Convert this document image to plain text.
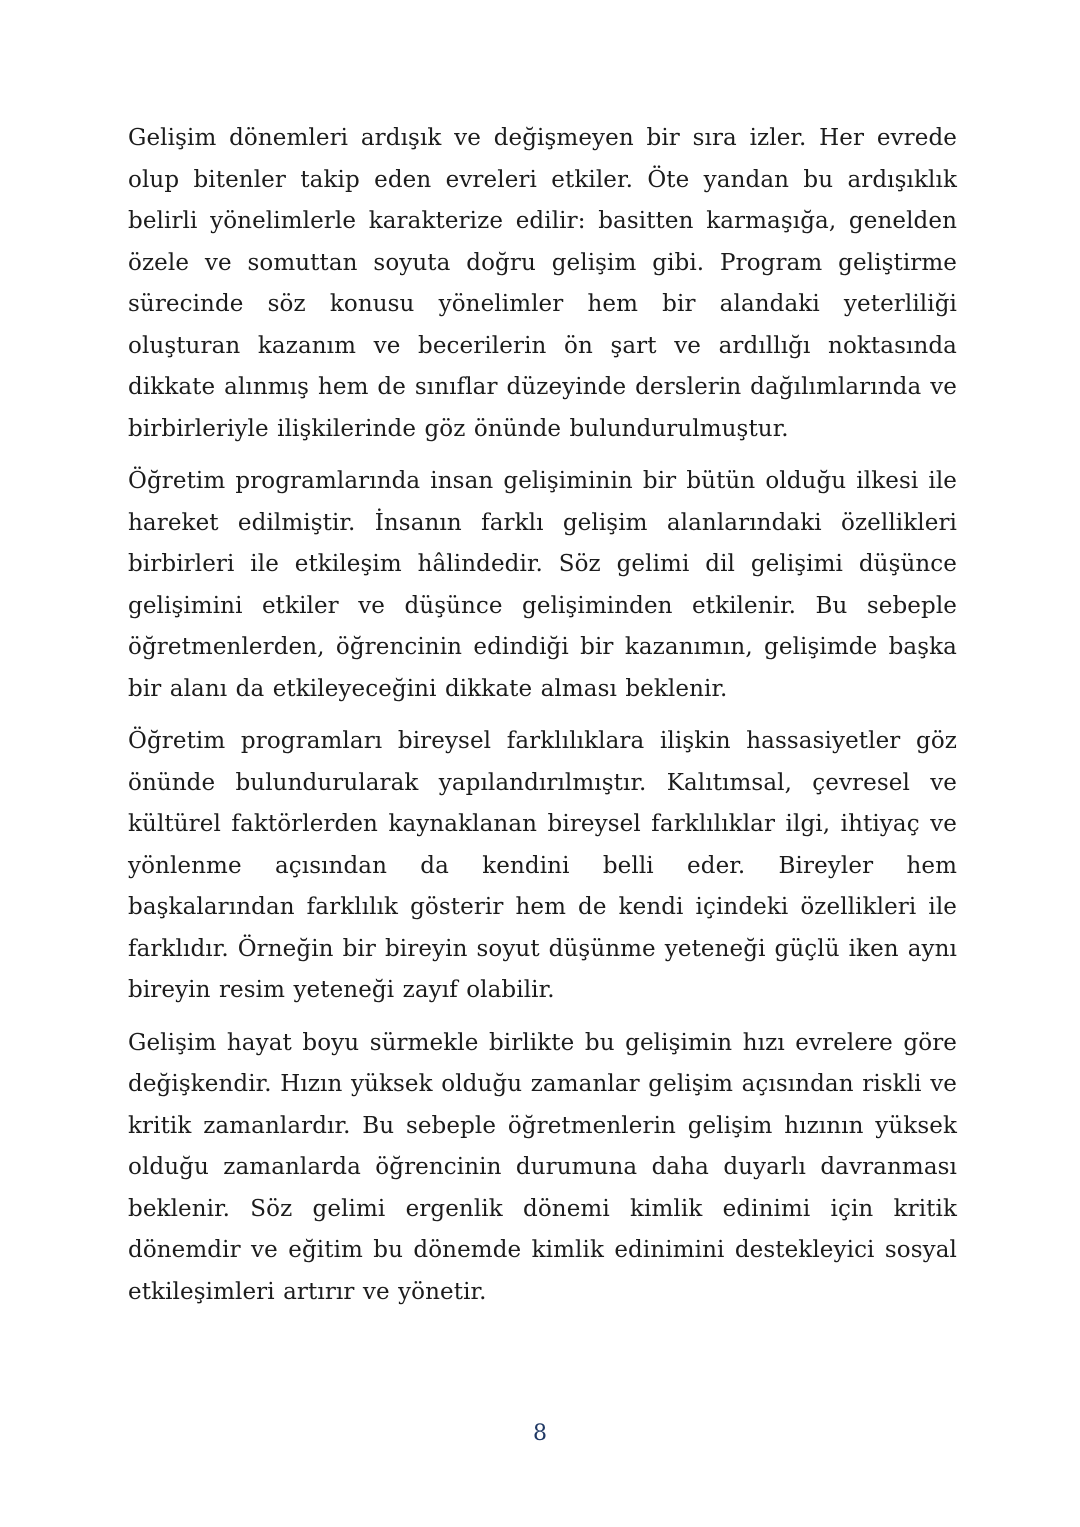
Gelişim dönemleri ardışık ve değişmeyen bir sıra izler. Her evrede olup bitenler takip eden evreleri etkiler. Öte yandan bu ardışıklık belirli yönelimlerle karakterize edilir: basitten karmaşığa, genelden özele ve somuttan soyuta doğru gelişim gibi. Program geliştirme sürecinde söz konusu yönelimler hem bir alandaki yeterliliği oluşturan kazanım ve becerilerin ön şart ve ardıllığı noktasında dikkate alınmış hem de sınıflar düzeyinde derslerin dağılımlarında ve birbirleriyle ilişkilerinde göz önünde bulundurulmuştur.

Öğretim programlarında insan gelişiminin bir bütün olduğu ilkesi ile hareket edilmiştir. İnsanın farklı gelişim alanlarındaki özellikleri birbirleri ile etkileşim hâlindedir. Söz gelimi dil gelişimi düşünce gelişimini etkiler ve düşünce gelişiminden etkilenir. Bu sebeple öğretmenlerden, öğrencinin edindiği bir kazanımın, gelişimde başka bir alanı da etkileyeceğini dikkate alması beklenir.

Öğretim programları bireysel farklılıklara ilişkin hassasiyetler göz önünde bulundurularak yapılandırılmıştır. Kalıtımsal, çevresel ve kültürel faktörlerden kaynaklanan bireysel farklılıklar ilgi, ihtiyaç ve yönlenme açısından da kendini belli eder. Bireyler hem başkalarından farklılık gösterir hem de kendi içindeki özellikleri ile farklıdır. Örneğin bir bireyin soyut düşünme yeteneği güçlü iken aynı bireyin resim yeteneği zayıf olabilir.

Gelişim hayat boyu sürmekle birlikte bu gelişimin hızı evrelere göre değişkendir. Hızın yüksek olduğu zamanlar gelişim açısından riskli ve kritik zamanlardır. Bu sebeple öğretmenlerin gelişim hızının yüksek olduğu zamanlarda öğrencinin durumuna daha duyarlı davranması beklenir. Söz gelimi ergenlik dönemi kimlik edinimi için kritik dönemdir ve eğitim bu dönemde kimlik edinimini destekleyici sosyal etkileşimleri artırır ve yönetir.

8
